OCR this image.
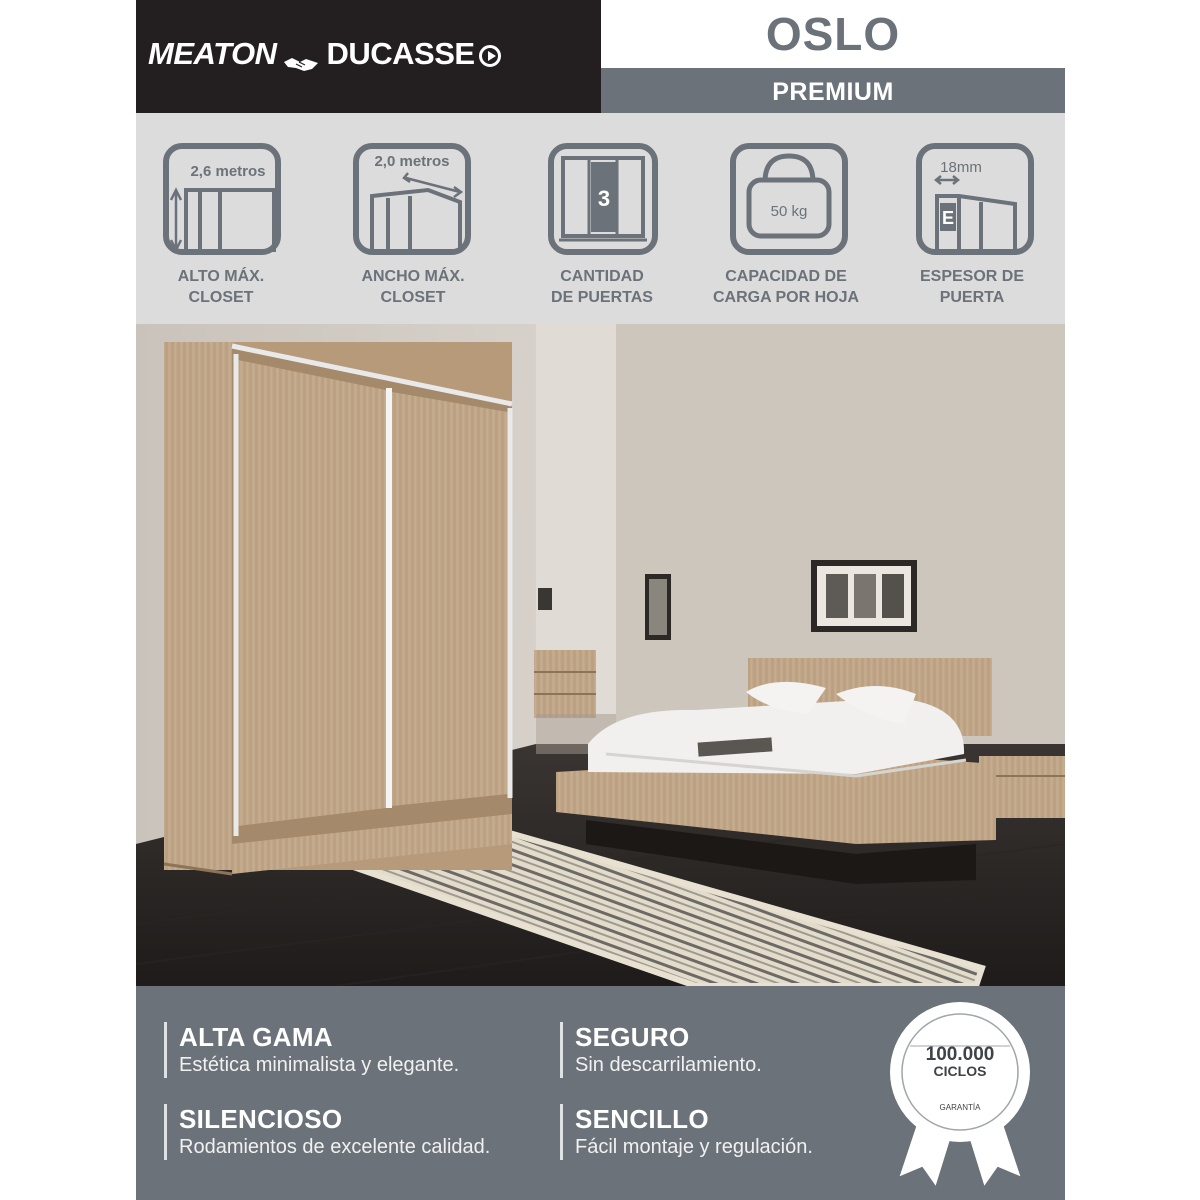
MEATON DUCASSE	OSLO
PREMIUM
2,6 metros
ALTO MÁX.
CLOSET
2,0 metros
ANCHO MÁX.
CLOSET
3
CANTIDAD
DE PUERTAS
50 kg
CAPACIDAD DE
CARGA POR HOJA
18mm
E
ESPESOR DE
PUERTA
ALTA GAMA
Estética minimalista y elegante.
SEGURO
Sin descarrilamiento.
SILENCIOSO
Rodamientos de excelente calidad.
SENCILLO
Fácil montaje y regulación.
100.000
CICLOS
GARANTÍA
